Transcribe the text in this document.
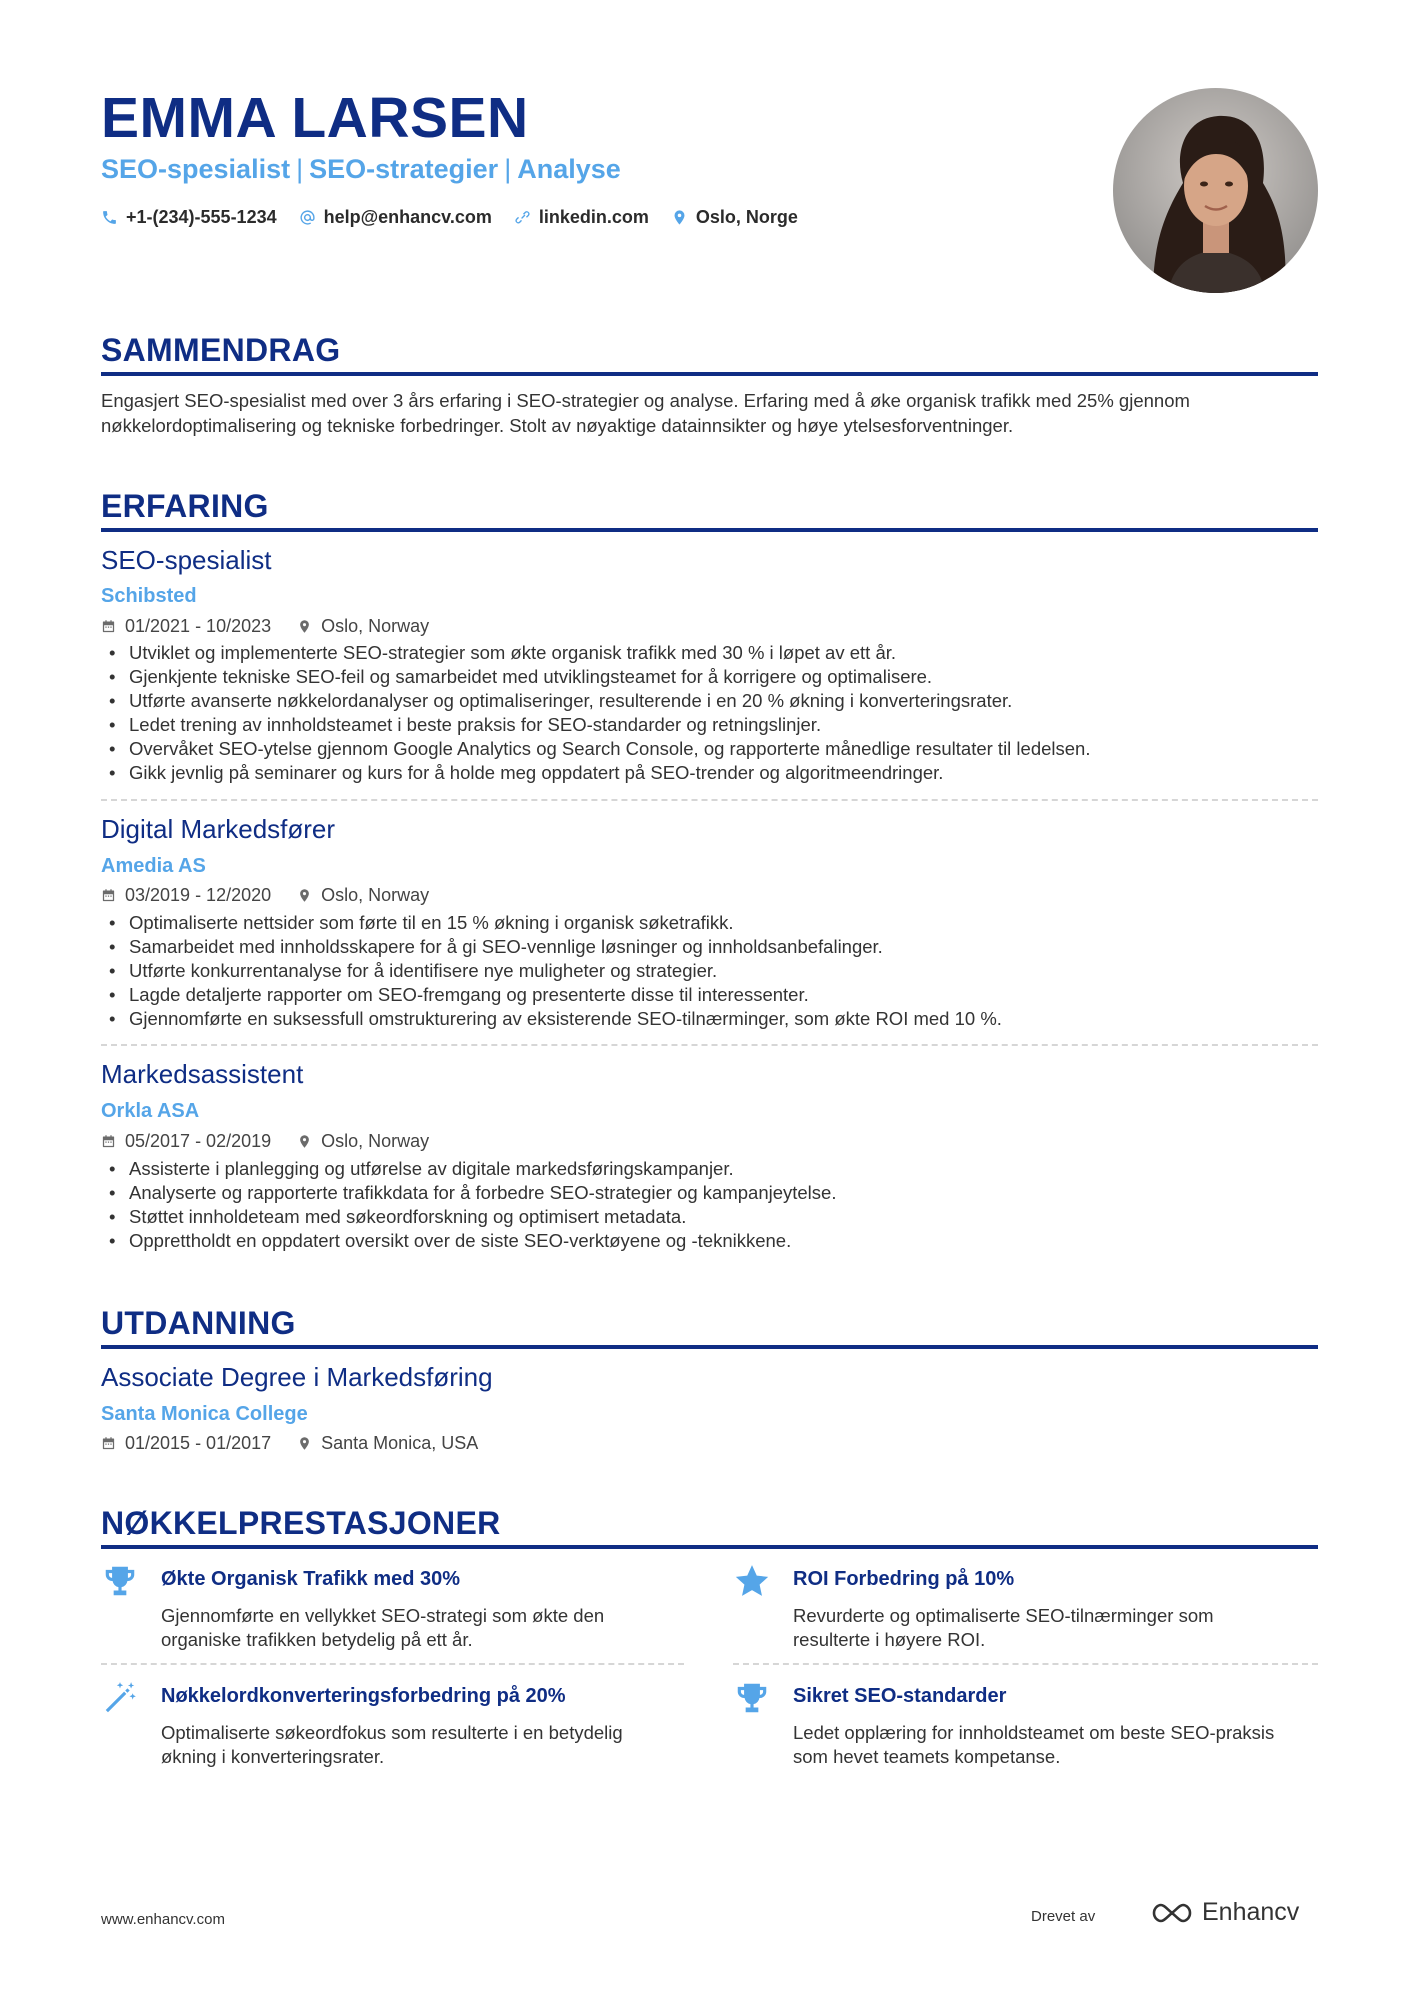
EMMA LARSEN
SEO-spesialist | SEO-strategier | Analyse
+1-(234)-555-1234	help@enhancv.com	linkedin.com	Oslo, Norge
SAMMENDRAG
Engasjert SEO-spesialist med over 3 års erfaring i SEO-strategier og analyse. Erfaring med å øke organisk trafikk med 25% gjennom nøkkelordoptimalisering og tekniske forbedringer. Stolt av nøyaktige datainnsikter og høye ytelsesforventninger.
ERFARING
SEO-spesialist
Schibsted
01/2021 - 10/2023	Oslo, Norway
• Utviklet og implementerte SEO-strategier som økte organisk trafikk med 30 % i løpet av ett år.
• Gjenkjente tekniske SEO-feil og samarbeidet med utviklingsteamet for å korrigere og optimalisere.
• Utførte avanserte nøkkelordanalyser og optimaliseringer, resulterende i en 20 % økning i konverteringsrater.
• Ledet trening av innholdsteamet i beste praksis for SEO-standarder og retningslinjer.
• Overvåket SEO-ytelse gjennom Google Analytics og Search Console, og rapporterte månedlige resultater til ledelsen.
• Gikk jevnlig på seminarer og kurs for å holde meg oppdatert på SEO-trender og algoritmeendringer.
Digital Markedsfører
Amedia AS
03/2019 - 12/2020	Oslo, Norway
• Optimaliserte nettsider som førte til en 15 % økning i organisk søketrafikk.
• Samarbeidet med innholdsskapere for å gi SEO-vennlige løsninger og innholdsanbefalinger.
• Utførte konkurrentanalyse for å identifisere nye muligheter og strategier.
• Lagde detaljerte rapporter om SEO-fremgang og presenterte disse til interessenter.
• Gjennomførte en suksessfull omstrukturering av eksisterende SEO-tilnærminger, som økte ROI med 10 %.
Markedsassistent
Orkla ASA
05/2017 - 02/2019	Oslo, Norway
• Assisterte i planlegging og utførelse av digitale markedsføringskampanjer.
• Analyserte og rapporterte trafikkdata for å forbedre SEO-strategier og kampanjeytelse.
• Støttet innholdeteam med søkeordforskning og optimisert metadata.
• Opprettholdt en oppdatert oversikt over de siste SEO-verktøyene og -teknikkene.
UTDANNING
Associate Degree i Markedsføring
Santa Monica College
01/2015 - 01/2017	Santa Monica, USA
NØKKELPRESTASJONER
Økte Organisk Trafikk med 30%
Gjennomførte en vellykket SEO-strategi som økte den organiske trafikken betydelig på ett år.
ROI Forbedring på 10%
Revurderte og optimaliserte SEO-tilnærminger som resulterte i høyere ROI.
Nøkkelordkonverteringsforbedring på 20%
Optimaliserte søkeordfokus som resulterte i en betydelig økning i konverteringsrater.
Sikret SEO-standarder
Ledet opplæring for innholdsteamet om beste SEO-praksis som hevet teamets kompetanse.
www.enhancv.com	Drevet av	Enhancv
